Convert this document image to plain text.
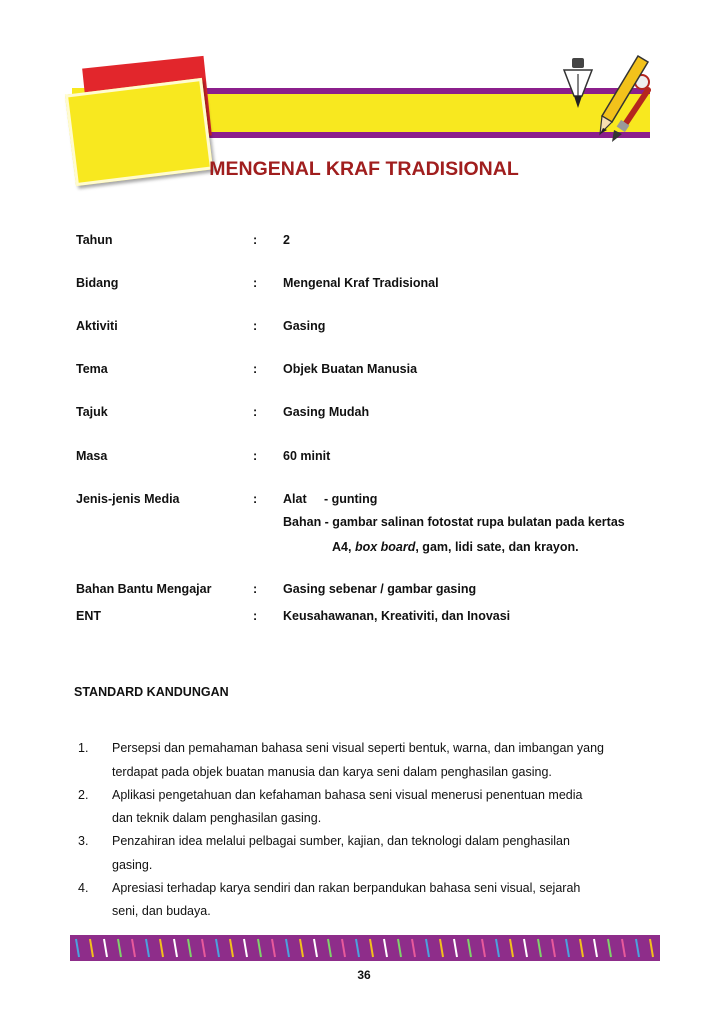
MENGENAL KRAF TRADISIONAL
Tahun	: 2
Bidang	: Mengenal Kraf Tradisional
Aktiviti	: Gasing
Tema	: Objek Buatan Manusia
Tajuk	: Gasing Mudah
Masa	: 60 minit
Jenis-jenis Media	: Alat     - gunting
Bahan - gambar salinan fotostat rupa bulatan pada kertas
A4, box board, gam, lidi sate, dan krayon.
Bahan Bantu Mengajar	: Gasing sebenar / gambar gasing
ENT	: Keusahawanan, Kreativiti, dan Inovasi
STANDARD KANDUNGAN
1. Persepsi dan pemahaman bahasa seni visual seperti bentuk, warna, dan imbangan yang
terdapat pada objek buatan manusia dan karya seni dalam penghasilan gasing.
2. Aplikasi pengetahuan dan kefahaman bahasa seni visual menerusi penentuan media
dan teknik dalam penghasilan gasing.
3. Penzahiran idea melalui pelbagai sumber, kajian, dan teknologi dalam penghasilan
gasing.
4. Apresiasi terhadap karya sendiri dan rakan berpandukan bahasa seni visual, sejarah
seni, dan budaya.
36
